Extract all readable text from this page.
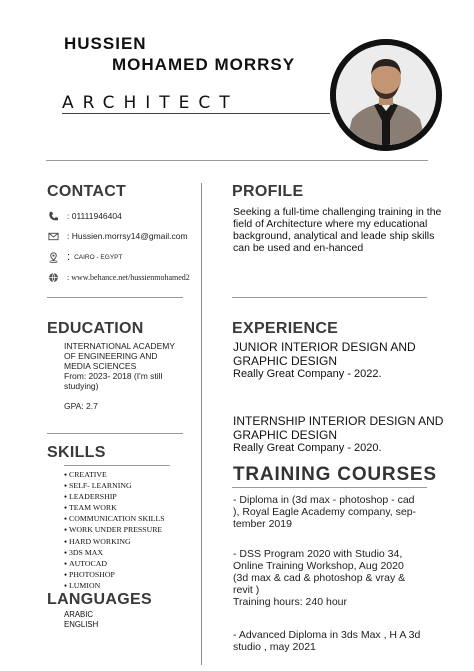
HUSSIEN
MOHAMED MORRSY
ARCHITECT
CONTACT
: 01111946404
: Hussien.morrsy14@gmail.com
: CAIRO - EGYPT
: www.behance.net/hussienmohamed2
PROFILE
Seeking a full-time challenging training in the field of Architecture where my educational background, analytical and leade ship skills can be used and en-hanced
EDUCATION
INTERNATIONAL ACADEMY
OF ENGINEERING AND
MEDIA SCIENCES
From: 2023- 2018 (I'm still
studying)
GPA: 2.7
SKILLS
● CREATIVE
● SELF- LEARNING
● LEADERSHIP
● TEAM WORK
● COMMUNICATION SKILLS
● WORK UNDER PRESSURE
● HARD WORKING
● 3DS MAX
● AUTOCAD
● PHOTOSHOP
● LUMION
LANGUAGES
ARABIC
ENGLISH
EXPERIENCE
JUNIOR INTERIOR DESIGN AND
GRAPHIC DESIGN
Really Great Company - 2022.
INTERNSHIP INTERIOR DESIGN AND
GRAPHIC DESIGN
Really Great Company - 2020.
TRAINING COURSES
- Diploma in (3d max - photoshop - cad
), Royal Eagle Academy company, sep-
tember 2019
- DSS Program 2020 with Studio 34,
Online Training Workshop, Aug 2020
(3d max & cad & photoshop & vray &
revit )
Training hours: 240 hour
- Advanced Diploma in 3ds Max , H A 3d
studio , may 2021
